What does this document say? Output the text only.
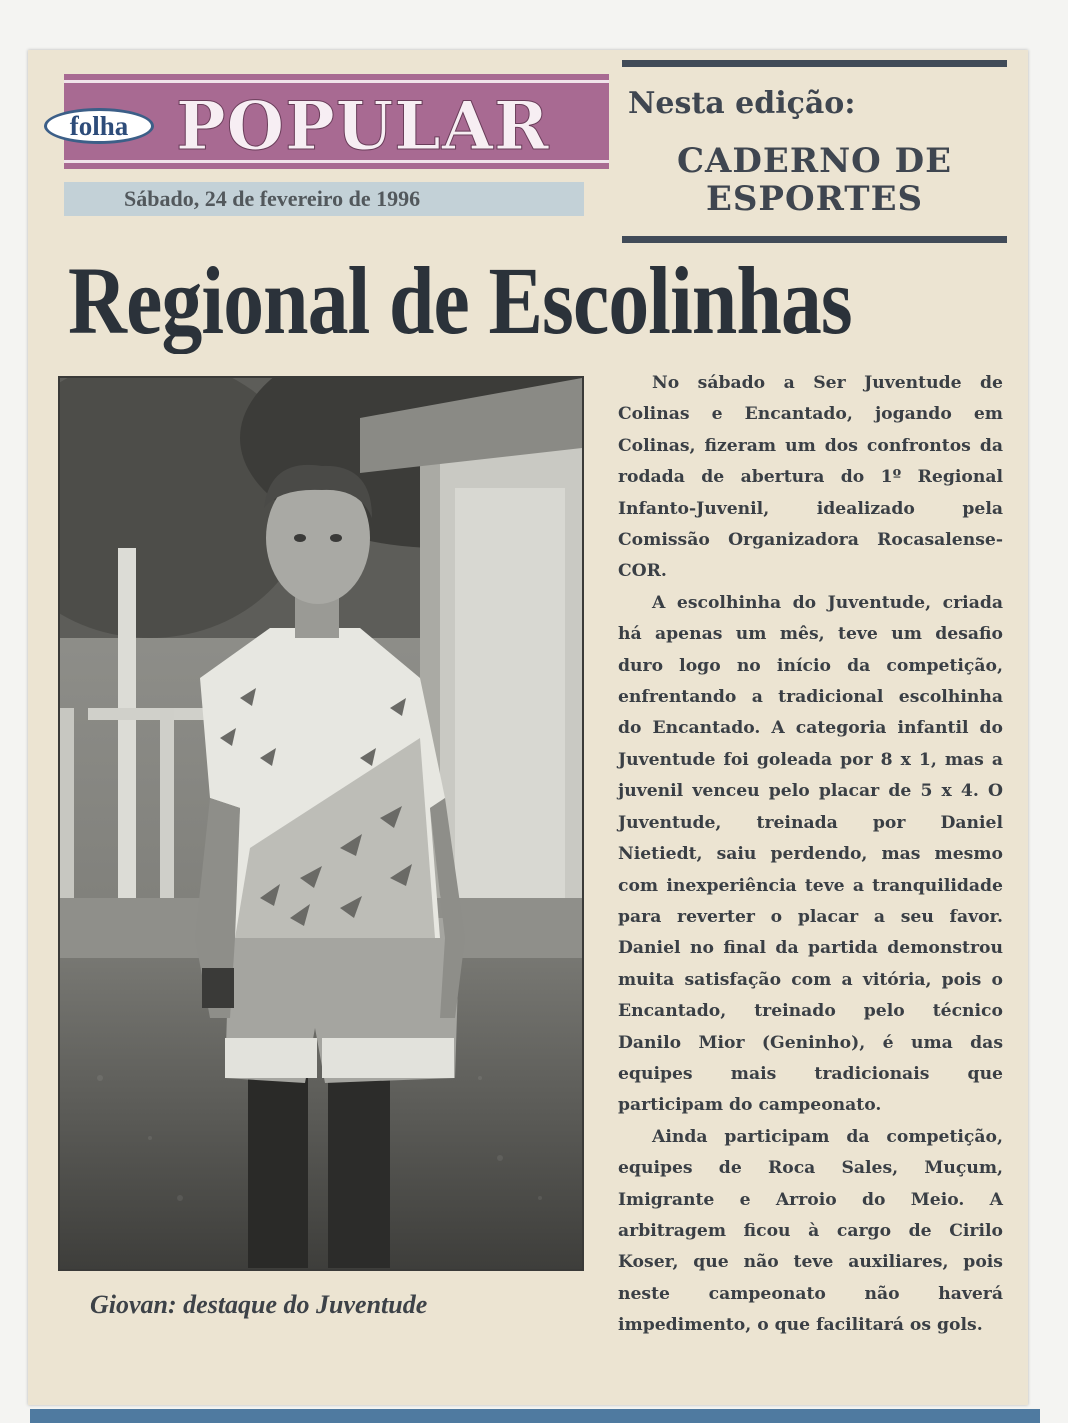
folha POPULAR
Sábado, 24 de fevereiro de 1996
Nesta edição:
CADERNO DE ESPORTES
Regional de Escolinhas
Giovan: destaque do Juventude

No sábado a Ser Juventude de Colinas e Encantado, jogando em Colinas, fizeram um dos confrontos da rodada de abertura do 1º Regional Infanto-Juvenil, idealizado pela Comissão Organizadora Rocasalense-COR.

A escolhinha do Juventude, criada há apenas um mês, teve um desafio duro logo no início da competição, enfrentando a tradicional escolhinha do Encantado. A categoria infantil do Juventude foi goleada por 8 x 1, mas a juvenil venceu pelo placar de 5 x 4. O Juventude, treinada por Daniel Nietiedt, saiu perdendo, mas mesmo com inexperiência teve a tranquilidade para reverter o placar a seu favor. Daniel no final da partida demonstrou muita satisfação com a vitória, pois o Encantado, treinado pelo técnico Danilo Mior (Geninho), é uma das equipes mais tradicionais que participam do campeonato.

Ainda participam da competição, equipes de Roca Sales, Muçum, Imigrante e Arroio do Meio. A arbitragem ficou à cargo de Cirilo Koser, que não teve auxiliares, pois neste campeonato não haverá impedimento, o que facilitará os gols.
